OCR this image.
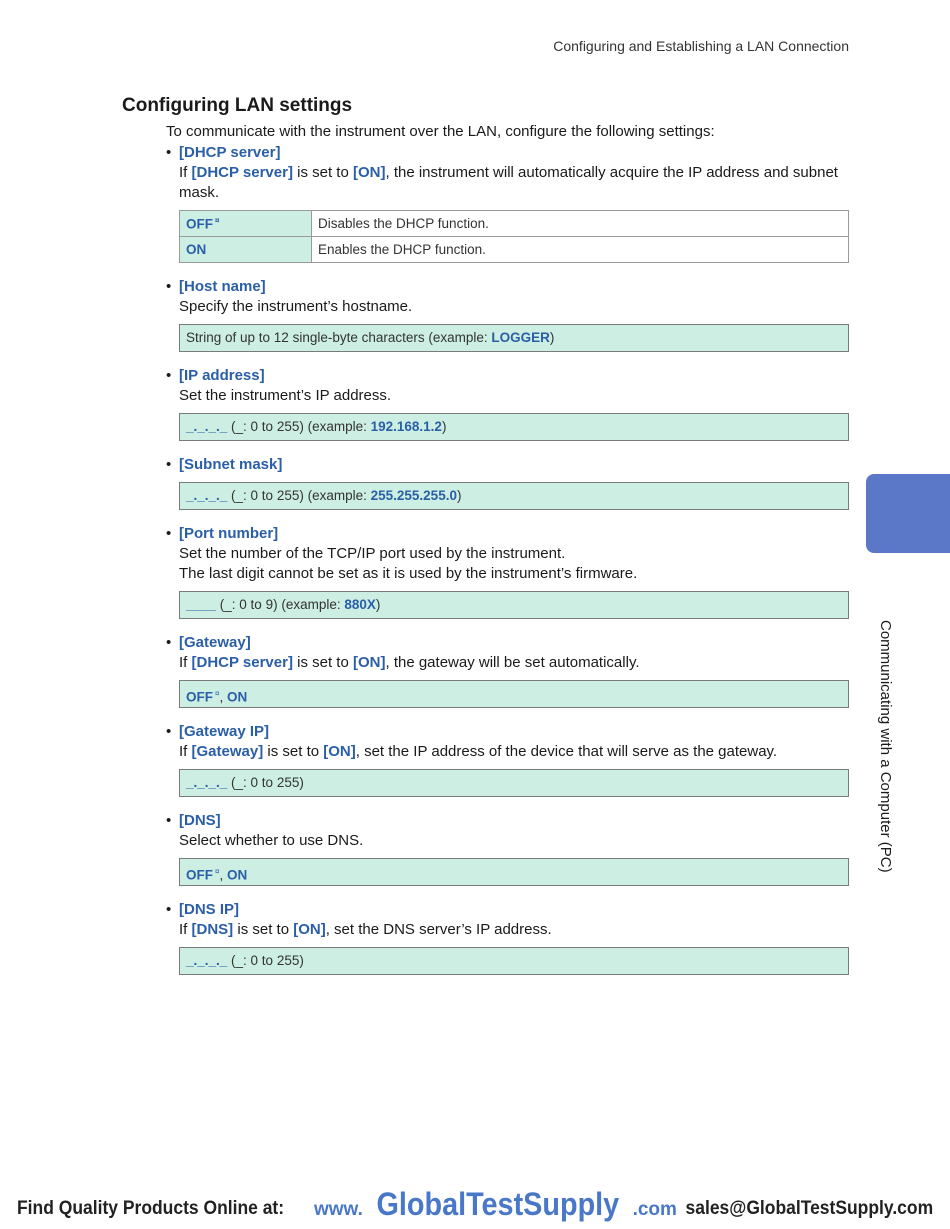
Configuring and Establishing a LAN Connection
Configuring LAN settings
To communicate with the instrument over the LAN, configure the following settings:
• [DHCP server]
If [DHCP server] is set to [ON], the instrument will automatically acquire the IP address and subnet mask.
OFF ¤	Disables the DHCP function.
ON	Enables the DHCP function.
• [Host name]
Specify the instrument’s hostname.
String of up to 12 single-byte characters (example: LOGGER)
• [IP address]
Set the instrument’s IP address.
_._._._ (_: 0 to 255) (example: 192.168.1.2)
• [Subnet mask]
_._._._ (_: 0 to 255) (example: 255.255.255.0)
• [Port number]
Set the number of the TCP/IP port used by the instrument.
The last digit cannot be set as it is used by the instrument’s firmware.
____ (_: 0 to 9) (example: 880X)
• [Gateway]
If [DHCP server] is set to [ON], the gateway will be set automatically.
OFF ¤, ON
• [Gateway IP]
If [Gateway] is set to [ON], set the IP address of the device that will serve as the gateway.
_._._._ (_: 0 to 255)
• [DNS]
Select whether to use DNS.
OFF ¤, ON
• [DNS IP]
If [DNS] is set to [ON], set the DNS server’s IP address.
_._._._ (_: 0 to 255)
Communicating with a Computer (PC)
Find Quality Products Online at: www. GlobalTestSupply .com sales@GlobalTestSupply.com
